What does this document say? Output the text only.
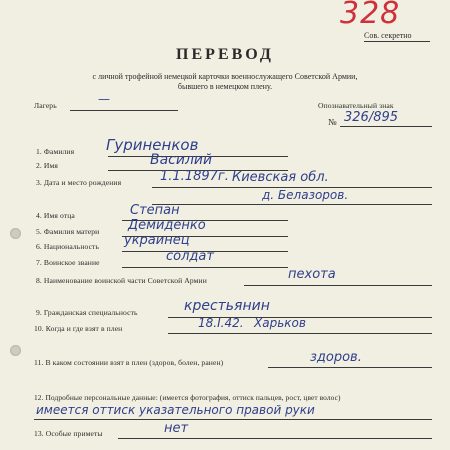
328
Сов. секретно
ПЕРЕВОД
с личной трофейной немецкой карточки военнослужащего Советской Армии,
бывшего в немецком плену.
Лагерь	—	Опознавательный знак
№ 326/895
1. Фамилия Гуриненков
2. Имя	Василий
3. Дата и место рождения	1.1.1897г. Киевская обл.
д. Белазоров.
4. Имя отца	Степан
5. Фамилия матери Демиденко
6. Национальность украинец
7. Воинское звание	солдат
8. Наименование воинской части Советской Армии	пехота
9. Гражданская специальность	крестьянин
10. Когда и где взят в плен	18.I.42. Харьков
11. В каком состоянии взят в плен (здоров, болен, ранен)	здоров.
12. Подробные персональные данные: (имеется фотография, оттиск пальцев, рост, цвет волос)
имеется оттиск указательного правой руки
13. Особые приметы	нет
